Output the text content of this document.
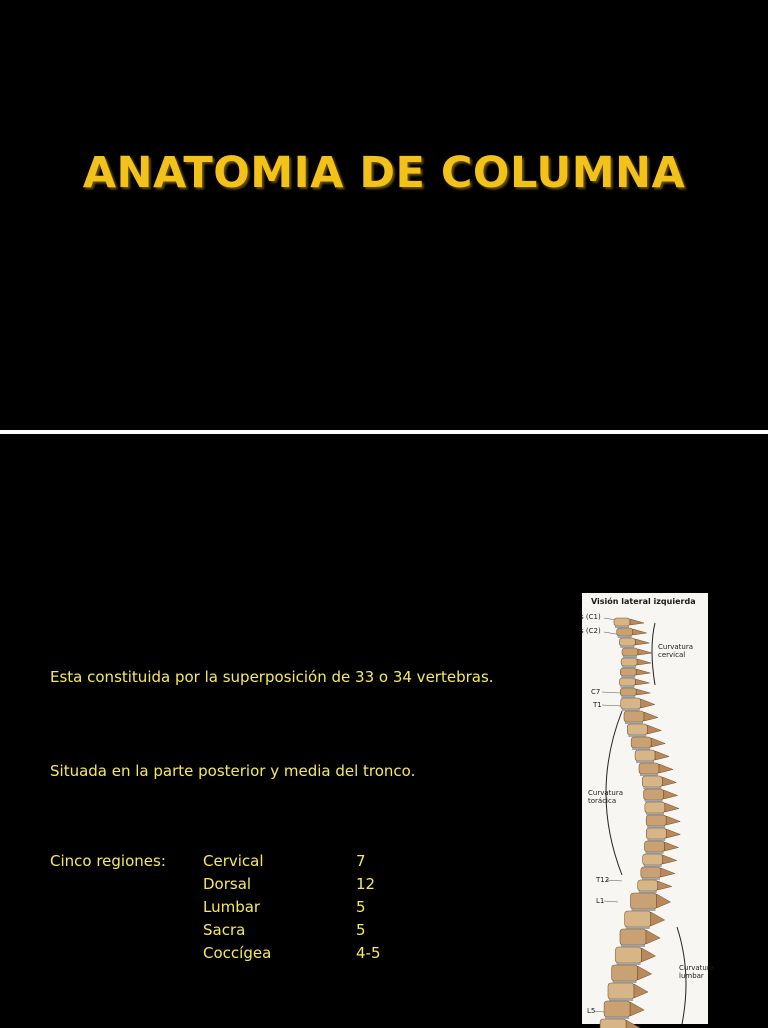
ANATOMIA DE COLUMNA
Esta constituida por la superposición de 33 o 34 vertebras.
Situada en la parte posterior y media del tronco.
Cinco regiones: Cervical	7
Dorsal	12
Lumbar	5
Sacra	5
Coccígea	4-5
Visión lateral izquierda
s (C1)
s (C2)
Curvatura
cervical
C7
T1
Curvatura
torácica
T12
L1
Curvatura
lumbar
L5
